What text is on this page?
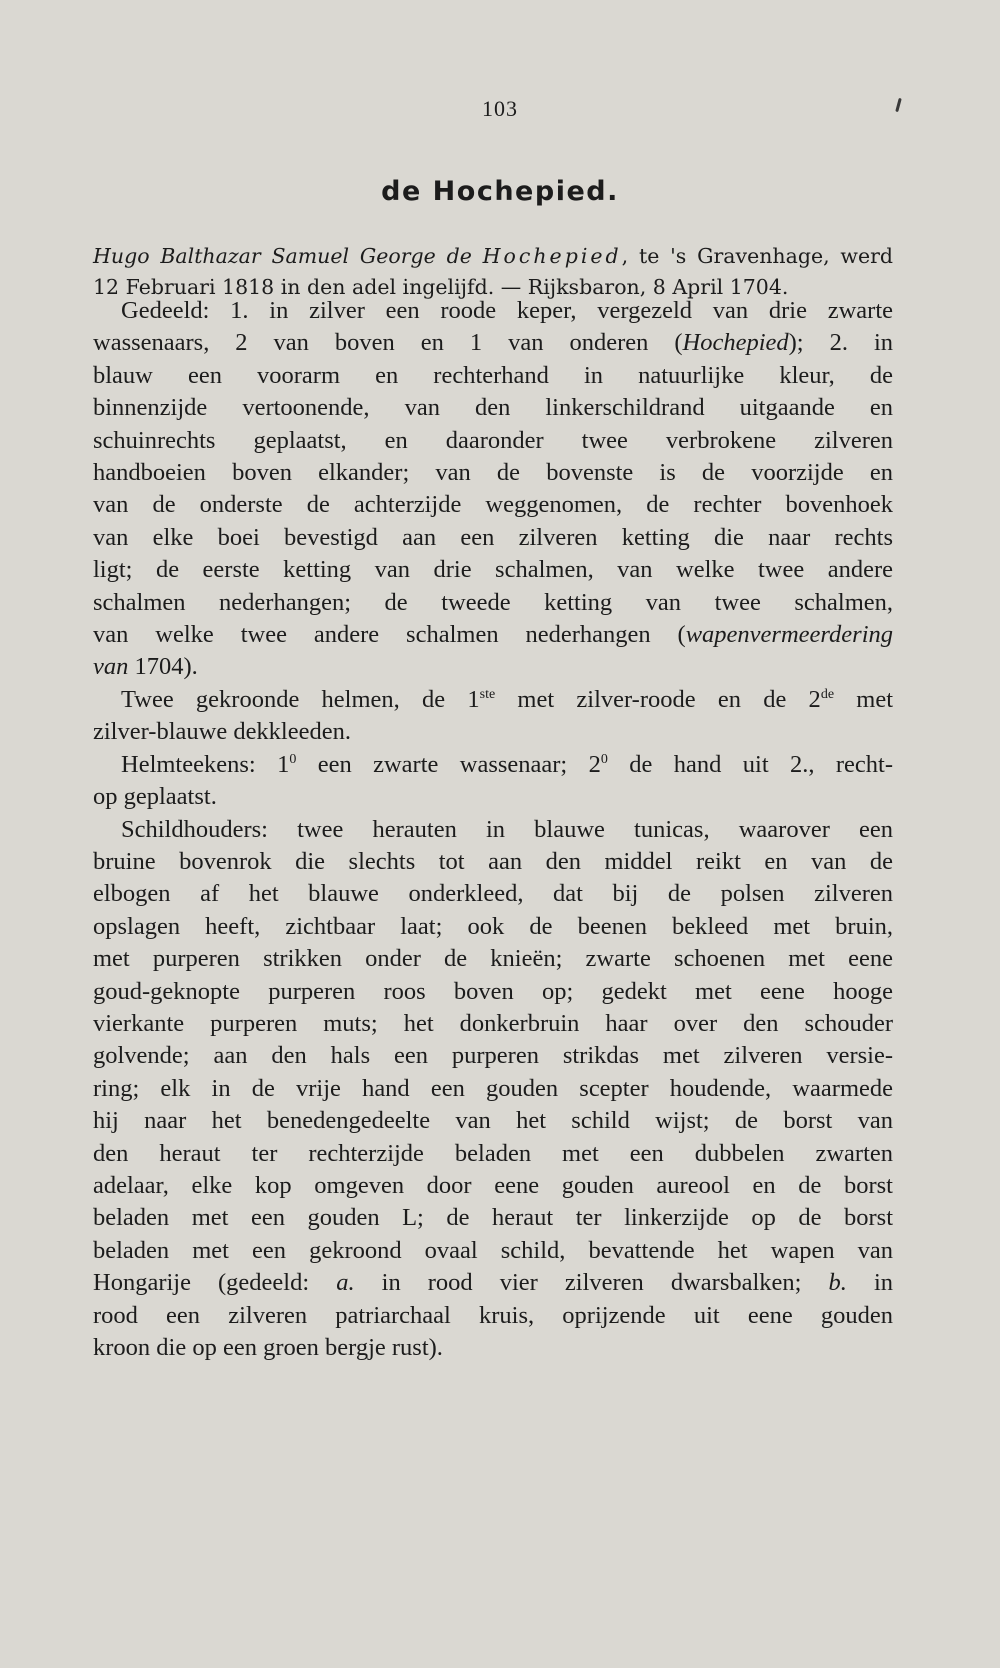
103
de Hochepied.
Hugo Balthazar Samuel George de Hochepied, te 's Gravenhage, werd
12 Februari 1818 in den adel ingelijfd. — Rijksbaron, 8 April 1704.
Gedeeld: 1. in zilver een roode keper, vergezeld van drie zwarte
wassenaars, 2 van boven en 1 van onderen (Hochepied); 2. in
blauw een voorarm en rechterhand in natuurlijke kleur, de
binnenzijde vertoonende, van den linkerschildrand uitgaande en
schuinrechts geplaatst, en daaronder twee verbrokene zilveren
handboeien boven elkander; van de bovenste is de voorzijde en
van de onderste de achterzijde weggenomen, de rechter bovenhoek
van elke boei bevestigd aan een zilveren ketting die naar rechts
ligt; de eerste ketting van drie schalmen, van welke twee andere
schalmen nederhangen; de tweede ketting van twee schalmen,
van welke twee andere schalmen nederhangen (wapenvermeerdering
van 1704).
Twee gekroonde helmen, de 1ste met zilver-roode en de 2de met
zilver-blauwe dekkleeden.
Helmteekens: $1^0$ een zwarte wassenaar; $2^0$ de hand uit 2., recht-
op geplaatst.
Schildhouders: twee herauten in blauwe tunicas, waarover een
bruine bovenrok die slechts tot aan den middel reikt en van de
elbogen af het blauwe onderkleed, dat bij de polsen zilveren
opslagen heeft, zichtbaar laat; ook de beenen bekleed met bruin,
met purperen strikken onder de knieën; zwarte schoenen met eene
goud-geknopte purperen roos boven op; gedekt met eene hooge
vierkante purperen muts; het donkerbruin haar over den schouder
golvende; aan den hals een purperen strikdas met zilveren versie-
ring; elk in de vrije hand een gouden scepter houdende, waarmede
hij naar het benedengedeelte van het schild wijst; de borst van
den heraut ter rechterzijde beladen met een dubbelen zwarten
adelaar, elke kop omgeven door eene gouden aureool en de borst
beladen met een gouden L; de heraut ter linkerzijde op de borst
beladen met een gekroond ovaal schild, bevattende het wapen van
Hongarije (gedeeld: a. in rood vier zilveren dwarsbalken; b. in
rood een zilveren patriarchaal kruis, oprijzende uit eene gouden
kroon die op een groen bergje rust).
